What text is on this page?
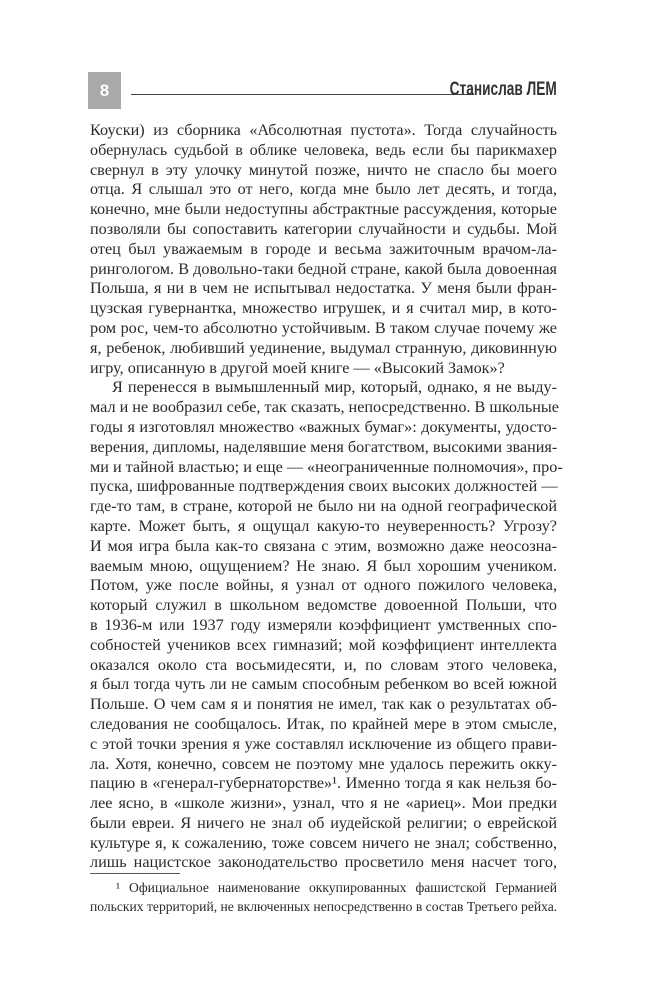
8	Станислав ЛЕМ
Коуски) из сборника «Абсолютная пустота». Тогда случайность
обернулась судьбой в облике человека, ведь если бы парикмахер
свернул в эту улочку минутой позже, ничто не спасло бы моего
отца. Я слышал это от него, когда мне было лет десять, и тогда,
конечно, мне были недоступны абстрактные рассуждения, которые
позволяли бы сопоставить категории случайности и судьбы. Мой
отец был уважаемым в городе и весьма зажиточным врачом-ла-
рингологом. В довольно-таки бедной стране, какой была довоенная
Польша, я ни в чем не испытывал недостатка. У меня были фран-
цузская гувернантка, множество игрушек, и я считал мир, в кото-
ром рос, чем-то абсолютно устойчивым. В таком случае почему же
я, ребенок, любивший уединение, выдумал странную, диковинную
игру, описанную в другой моей книге — «Высокий Замок»?
Я перенесся в вымышленный мир, который, однако, я не выду-
мал и не вообразил себе, так сказать, непосредственно. В школьные
годы я изготовлял множество «важных бумаг»: документы, удосто-
верения, дипломы, наделявшие меня богатством, высокими звания-
ми и тайной властью; и еще — «неограниченные полномочия», про-
пуска, шифрованные подтверждения своих высоких должностей —
где-то там, в стране, которой не было ни на одной географической
карте. Может быть, я ощущал какую-то неуверенность? Угрозу?
И моя игра была как-то связана с этим, возможно даже неосозна-
ваемым мною, ощущением? Не знаю. Я был хорошим учеником.
Потом, уже после войны, я узнал от одного пожилого человека,
который служил в школьном ведомстве довоенной Польши, что
в 1936-м или 1937 году измеряли коэффициент умственных спо-
собностей учеников всех гимназий; мой коэффициент интеллекта
оказался около ста восьмидесяти, и, по словам этого человека,
я был тогда чуть ли не самым способным ребенком во всей южной
Польше. О чем сам я и понятия не имел, так как о результатах об-
следования не сообщалось. Итак, по крайней мере в этом смысле,
с этой точки зрения я уже составлял исключение из общего прави-
ла. Хотя, конечно, совсем не поэтому мне удалось пережить окку-
пацию в «генерал-губернаторстве»¹. Именно тогда я как нельзя бо-
лее ясно, в «школе жизни», узнал, что я не «ариец». Мои предки
были евреи. Я ничего не знал об иудейской религии; о еврейской
культуре я, к сожалению, тоже совсем ничего не знал; собственно,
лишь нацистское законодательство просветило меня насчет того,
¹ Официальное наименование оккупированных фашистской Германией
польских территорий, не включенных непосредственно в состав Третьего рейха.
